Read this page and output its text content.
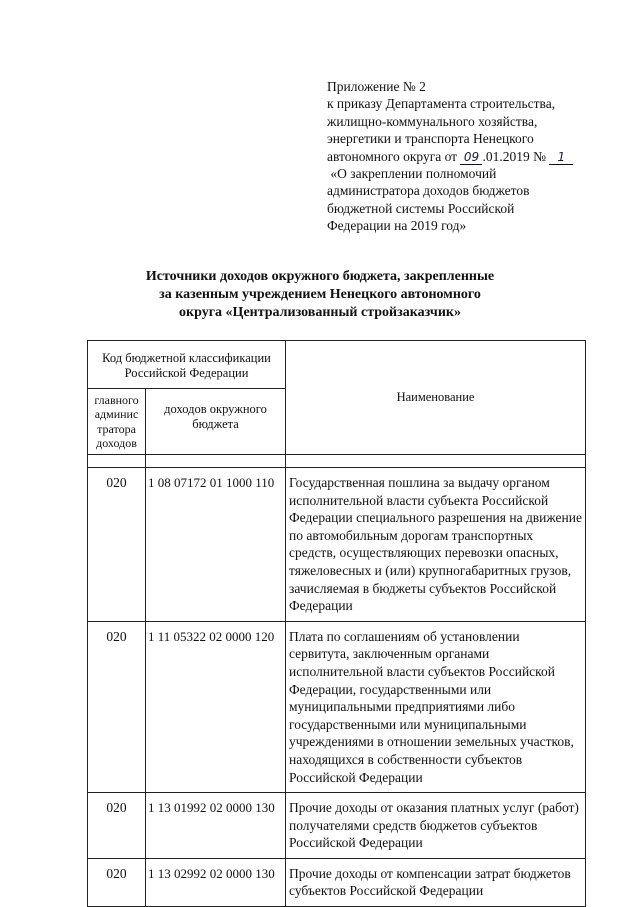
Приложение № 2
к приказу Департамента строительства,
жилищно-коммунального хозяйства,
энергетики и транспорта Ненецкого
автономного округа от 09 .01.2019 № 1
«О закреплении полномочий
администратора доходов бюджетов
бюджетной системы Российской
Федерации на 2019 год»
Источники доходов окружного бюджета, закрепленные
за казенным учреждением Ненецкого автономного
округа «Централизованный стройзаказчик»
Код бюджетной классификации Российской Федерации		Наименование
главного админис тратора доходов	доходов окружного бюджета	

020	1 08 07172 01 1000 110	Государственная пошлина за выдачу органом исполнительной власти субъекта Российской Федерации специального разрешения на движение по автомобильным дорогам транспортных средств, осуществляющих перевозки опасных, тяжеловесных и (или) крупногабаритных грузов, зачисляемая в бюджеты субъектов Российской Федерации
020	1 11 05322 02 0000 120	Плата по соглашениям об установлении сервитута, заключенным органами исполнительной власти субъектов Российской Федерации, государственными или муниципальными предприятиями либо государственными или муниципальными учреждениями в отношении земельных участков, находящихся в собственности субъектов Российской Федерации
020	1 13 01992 02 0000 130	Прочие доходы от оказания платных услуг (работ) получателями средств бюджетов субъектов Российской Федерации
020	1 13 02992 02 0000 130	Прочие доходы от компенсации затрат бюджетов субъектов Российской Федерации
